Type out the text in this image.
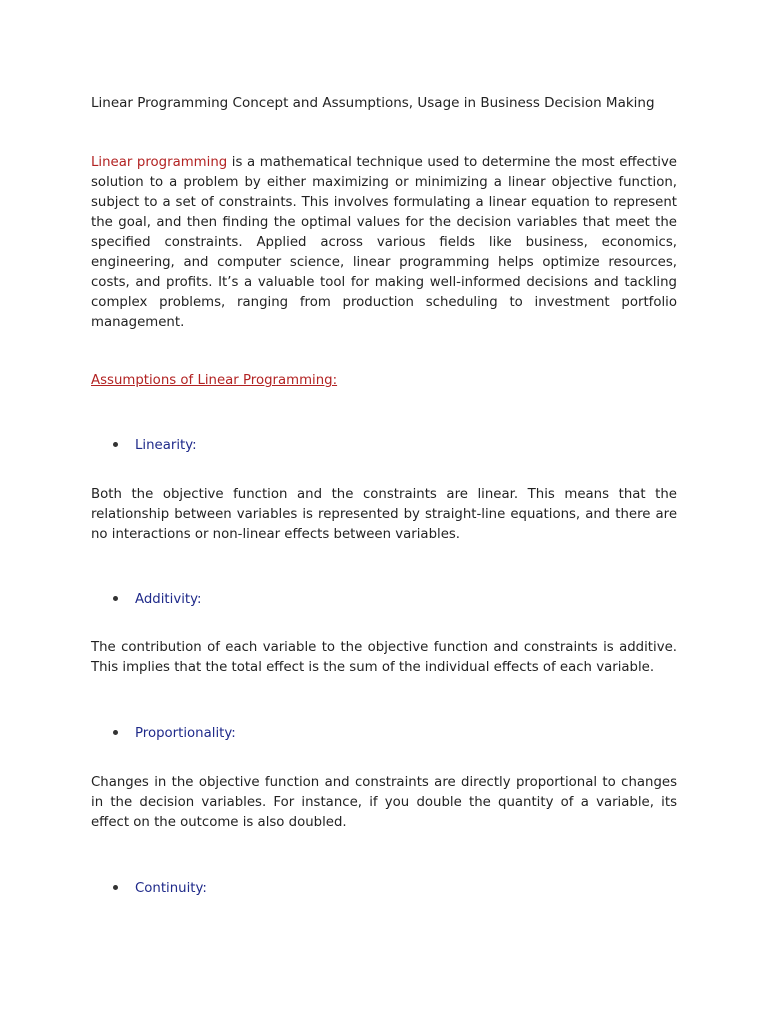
Linear Programming Concept and Assumptions, Usage in Business Decision Making

Linear programming is a mathematical technique used to determine the most effective solution to a problem by either maximizing or minimizing a linear objective function, subject to a set of constraints. This involves formulating a linear equation to represent the goal, and then finding the optimal values for the decision variables that meet the specified constraints. Applied across various fields like business, economics, engineering, and computer science, linear programming helps optimize resources, costs, and profits. It’s a valuable tool for making well-informed decisions and tackling complex problems, ranging from production scheduling to investment portfolio management.

Assumptions of Linear Programming:
Linearity:

Both the objective function and the constraints are linear. This means that the relationship between variables is represented by straight-line equations, and there are no interactions or non-linear effects between variables.

Additivity:

The contribution of each variable to the objective function and constraints is additive. This implies that the total effect is the sum of the individual effects of each variable.

Proportionality:

Changes in the objective function and constraints are directly proportional to changes in the decision variables. For instance, if you double the quantity of a variable, its effect on the outcome is also doubled.

Continuity:
